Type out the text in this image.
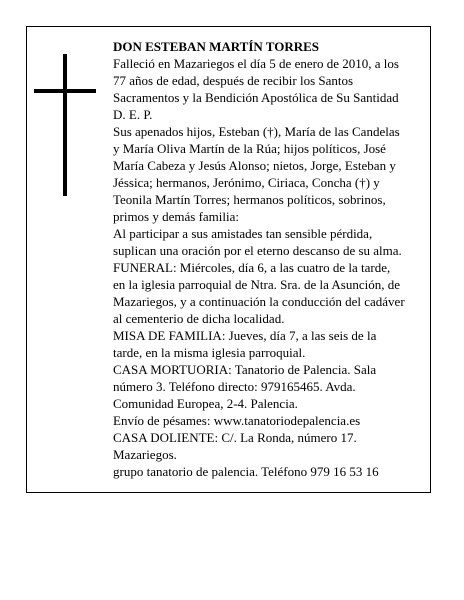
DON ESTEBAN MARTÍN TORRES

Falleció en Mazariegos el día 5 de enero de 2010, a los
77 años de edad, después de recibir los Santos
Sacramentos y la Bendición Apostólica de Su Santidad

D. E. P.

Sus apenados hijos, Esteban (†), María de las Candelas
y María Oliva Martín de la Rúa; hijos políticos, José
María Cabeza y Jesús Alonso; nietos, Jorge, Esteban y
Jéssica; hermanos, Jerónimo, Ciriaca, Concha (†) y
Teonila Martín Torres; hermanos políticos, sobrinos,
primos y demás familia:

Al participar a sus amistades tan sensible pérdida,
suplican una oración por el eterno descanso de su alma.

FUNERAL: Miércoles, día 6, a las cuatro de la tarde,
en la iglesia parroquial de Ntra. Sra. de la Asunción, de
Mazariegos, y a continuación la conducción del cadáver
al cementerio de dicha localidad.

MISA DE FAMILIA: Jueves, día 7, a las seis de la
tarde, en la misma iglesia parroquial.

CASA MORTUORIA: Tanatorio de Palencia. Sala
número 3. Teléfono directo: 979165465. Avda.
Comunidad Europea, 2-4. Palencia.

Envío de pésames: www.tanatoriodepalencia.es

CASA DOLIENTE: C/. La Ronda, número 17.
Mazariegos.

grupo tanatorio de palencia. Teléfono 979 16 53 16
